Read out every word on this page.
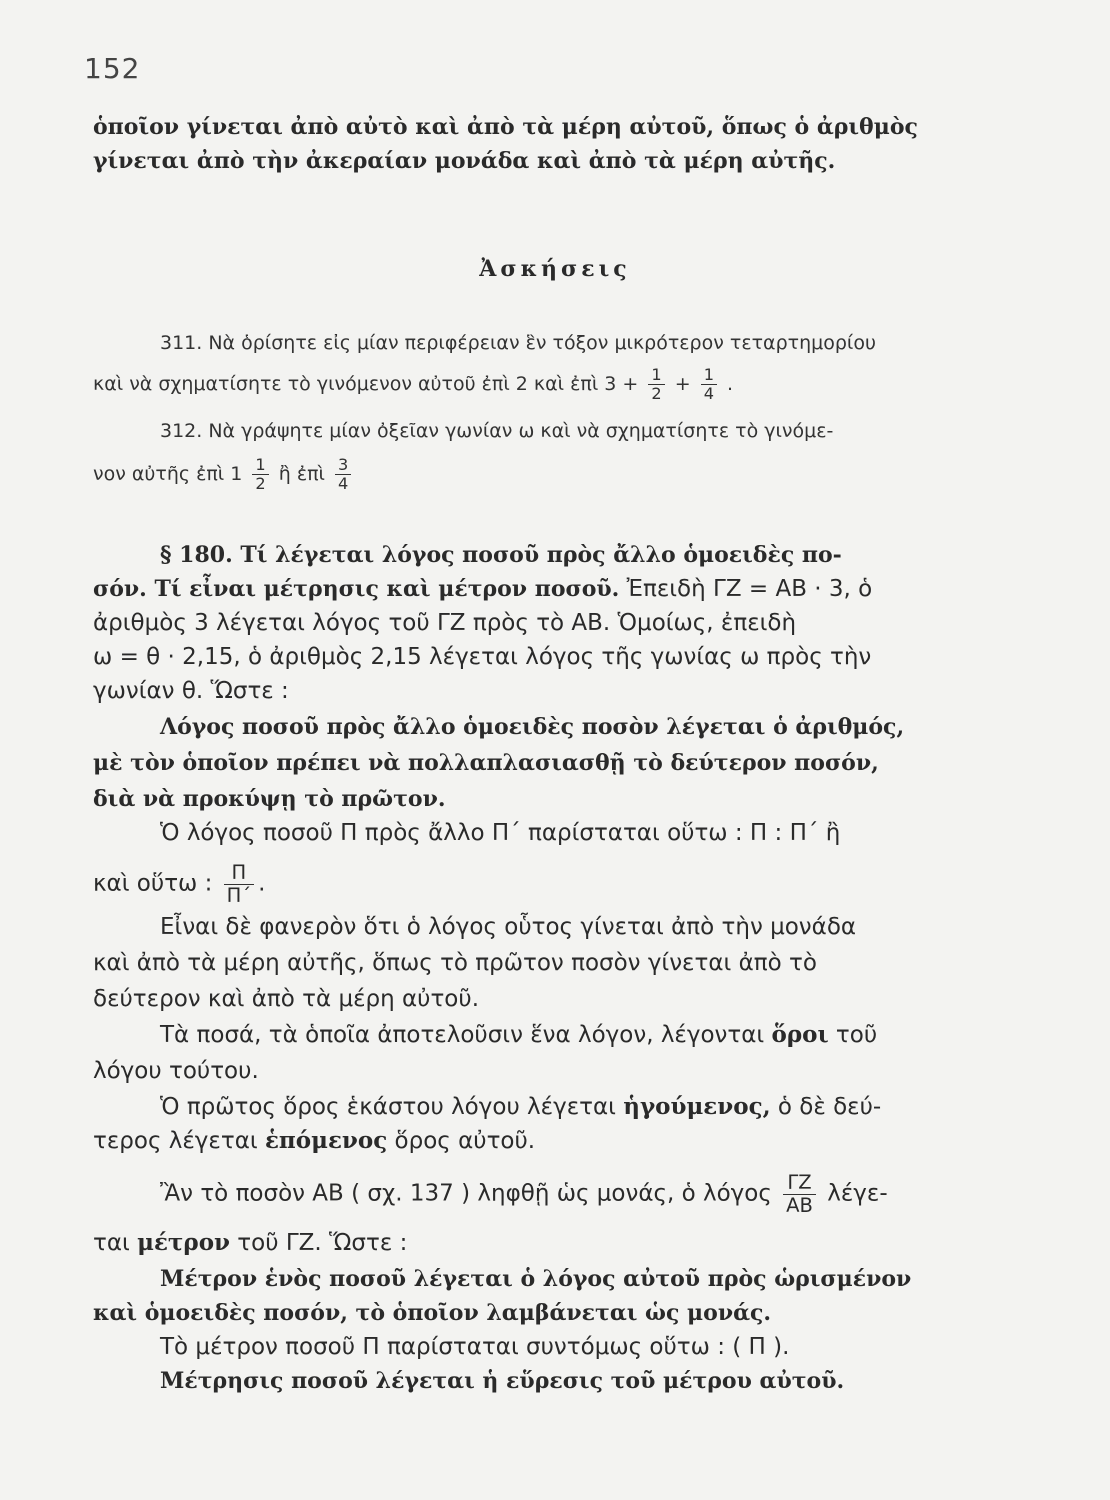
152
ὁποῖον γίνεται ἀπὸ αὐτὸ καὶ ἀπὸ τὰ μέρη αὐτοῦ, ὅπως ὁ ἀριθμὸς
γίνεται ἀπὸ τὴν ἀκεραίαν μονάδα καὶ ἀπὸ τὰ μέρη αὐτῆς.
Ἀσκήσεις
311. Νὰ ὁρίσητε εἰς μίαν περιφέρειαν ἓν τόξον μικρότερον τεταρτημορίου
καὶ νὰ σχηματίσητε τὸ γινόμενον αὐτοῦ ἐπὶ 2 καὶ ἐπὶ $3 + \frac{1}{2} + \frac{1}{4}$ .
312. Νὰ γράψητε μίαν ὀξεῖαν γωνίαν ω καὶ νὰ σχηματίσητε τὸ γινόμε-
νον αὐτῆς ἐπὶ $1 \frac{1}{2}$ ἢ ἐπὶ $\frac{3}{4}$
§ 180. Τί λέγεται λόγος ποσοῦ πρὸς ἄλλο ὁμοειδὲς πο-
σόν. Τί εἶναι μέτρησις καὶ μέτρον ποσοῦ. Ἐπειδὴ ΓΖ = ΑΒ · 3, ὁ
ἀριθμὸς 3 λέγεται λόγος τοῦ ΓΖ πρὸς τὸ ΑΒ. Ὁμοίως, ἐπειδὴ
ω = θ · 2,15, ὁ ἀριθμὸς 2,15 λέγεται λόγος τῆς γωνίας ω πρὸς τὴν
γωνίαν θ. Ὥστε :
Λόγος ποσοῦ πρὸς ἄλλο ὁμοειδὲς ποσὸν λέγεται ὁ ἀριθμός,
μὲ τὸν ὁποῖον πρέπει νὰ πολλαπλασιασθῇ τὸ δεύτερον ποσόν,
διὰ νὰ προκύψῃ τὸ πρῶτον.
Ὁ λόγος ποσοῦ Π πρὸς ἄλλο Π΄ παρίσταται οὕτω : Π : Π΄ ἢ
καὶ οὕτω : $\frac{\Pi}{\Pi΄}$ .
Εἶναι δὲ φανερὸν ὅτι ὁ λόγος οὗτος γίνεται ἀπὸ τὴν μονάδα
καὶ ἀπὸ τὰ μέρη αὐτῆς, ὅπως τὸ πρῶτον ποσὸν γίνεται ἀπὸ τὸ
δεύτερον καὶ ἀπὸ τὰ μέρη αὐτοῦ.
Τὰ ποσά, τὰ ὁποῖα ἀποτελοῦσιν ἕνα λόγον, λέγονται ὅροι τοῦ
λόγου τούτου.
Ὁ πρῶτος ὅρος ἑκάστου λόγου λέγεται ἡγούμενος, ὁ δὲ δεύ-
τερος λέγεται ἑπόμενος ὅρος αὐτοῦ.
Ἂν τὸ ποσὸν ΑΒ ( σχ. 137 ) ληφθῇ ὡς μονάς, ὁ λόγος $\frac{\Gamma Z}{AB} \lambda έ\gamma\varepsilon-$
ται μέτρον τοῦ ΓΖ. Ὥστε :
Μέτρον ἑνὸς ποσοῦ λέγεται ὁ λόγος αὐτοῦ πρὸς ὡρισμένον
καὶ ὁμοειδὲς ποσόν, τὸ ὁποῖον λαμβάνεται ὡς μονάς.
Τὸ μέτρον ποσοῦ Π παρίσταται συντόμως οὕτω : ( Π ).
Μέτρησις ποσοῦ λέγεται ἡ εὕρεσις τοῦ μέτρου αὐτοῦ.
